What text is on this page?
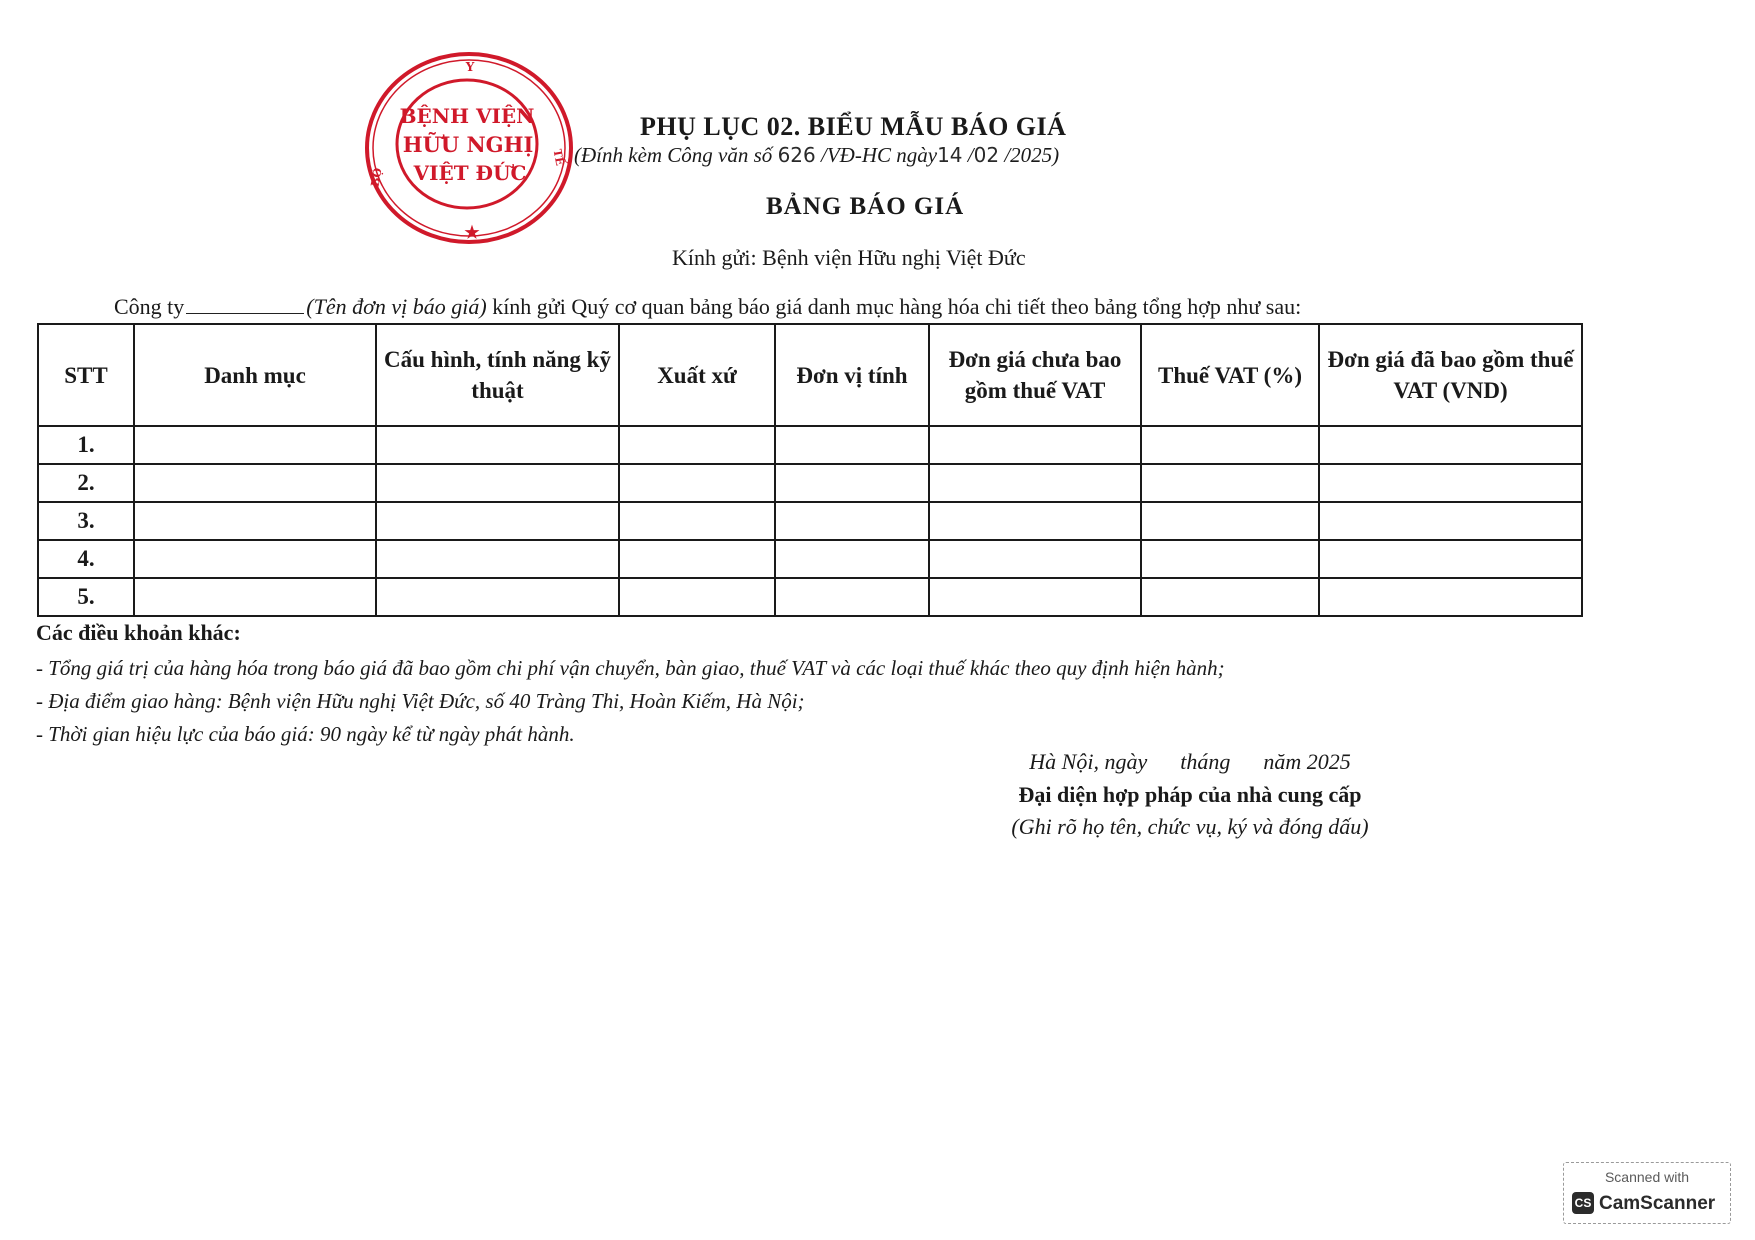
BỆNH VIỆN
HỮU NGHỊ
VIỆT ĐỨC
Y
BỘ
TẾ
★
PHỤ LỤC 02. BIỂU MẪU BÁO GIÁ
(Đính kèm Công văn số 626 /VĐ-HC ngày14 /02 /2025)
BẢNG BÁO GIÁ
Kính gửi: Bệnh viện Hữu nghị Việt Đức
Công ty	(Tên đơn vị báo giá) kính gửi Quý cơ quan bảng báo giá danh mục hàng hóa chi tiết theo bảng tổng hợp như sau:
STT	Danh mục	Cấu hình, tính năng kỹ thuật	Xuất xứ	Đơn vị tính	Đơn giá chưa bao gồm thuế VAT	Thuế VAT (%)	Đơn giá đã bao gồm thuế VAT (VND)
1.							
2.							
3.							
4.							
5.							
Các điều khoản khác:
- Tổng giá trị của hàng hóa trong báo giá đã bao gồm chi phí vận chuyển, bàn giao, thuế VAT và các loại thuế khác theo quy định hiện hành;
- Địa điểm giao hàng: Bệnh viện Hữu nghị Việt Đức, số 40 Tràng Thi, Hoàn Kiếm, Hà Nội;
- Thời gian hiệu lực của báo giá: 90 ngày kể từ ngày phát hành.
Hà Nội, ngày      tháng      năm 2025
Đại diện hợp pháp của nhà cung cấp
(Ghi rõ họ tên, chức vụ, ký và đóng dấu)
Scanned with
CS CamScanner
